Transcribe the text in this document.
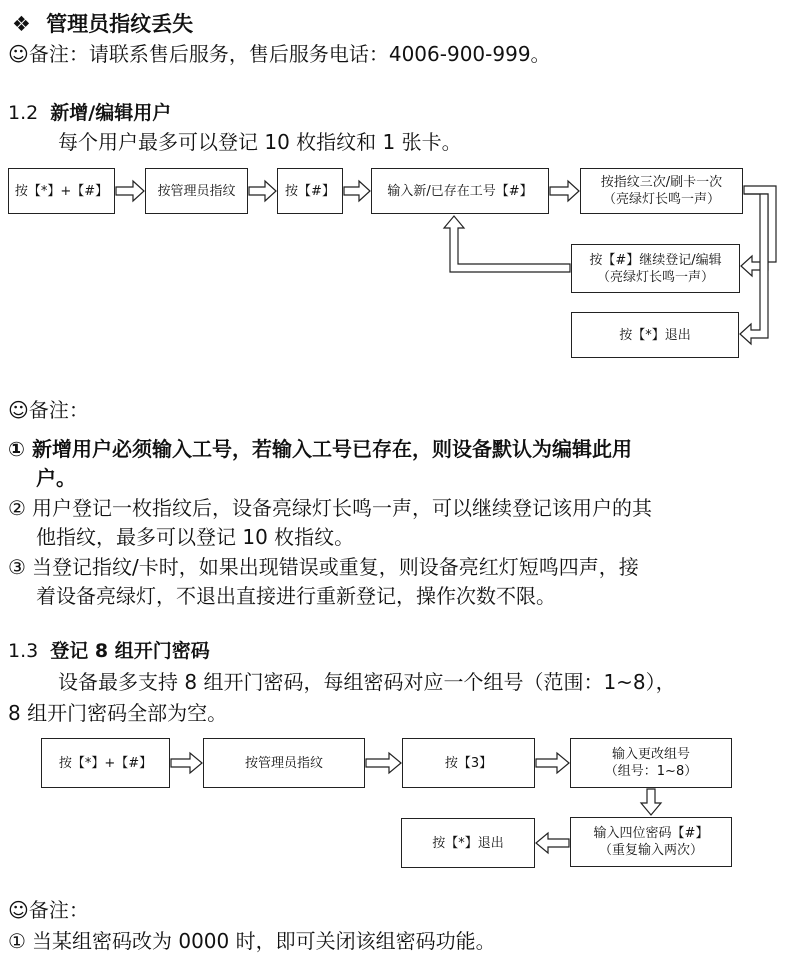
❖ 管理员指纹丢失
☺备注：请联系售后服务，售后服务电话：4006-900-999。
1.2 新增/编辑用户
每个用户最多可以登记 10 枚指纹和 1 张卡。
按【*】+【#】	按管理员指纹	按【#】	输入新/已存在工号【#】
按指纹三次/刷卡一次
（亮绿灯长鸣一声）
按【#】继续登记/编辑
（亮绿灯长鸣一声）
按【*】退出
☺备注：
① 新增用户必须输入工号，若输入工号已存在，则设备默认为编辑此用
户。
② 用户登记一枚指纹后，设备亮绿灯长鸣一声，可以继续登记该用户的其
他指纹，最多可以登记 10 枚指纹。
③ 当登记指纹/卡时，如果出现错误或重复，则设备亮红灯短鸣四声，接
着设备亮绿灯，不退出直接进行重新登记，操作次数不限。
1.3 登记 8 组开门密码
设备最多支持 8 组开门密码，每组密码对应一个组号（范围：1~8），
8 组开门密码全部为空。
按【*】+【#】	按管理员指纹	按【3】
输入更改组号
（组号：1~8）
输入四位密码【#】
（重复输入两次）
按【*】退出
☺备注：
① 当某组密码改为 0000 时，即可关闭该组密码功能。
